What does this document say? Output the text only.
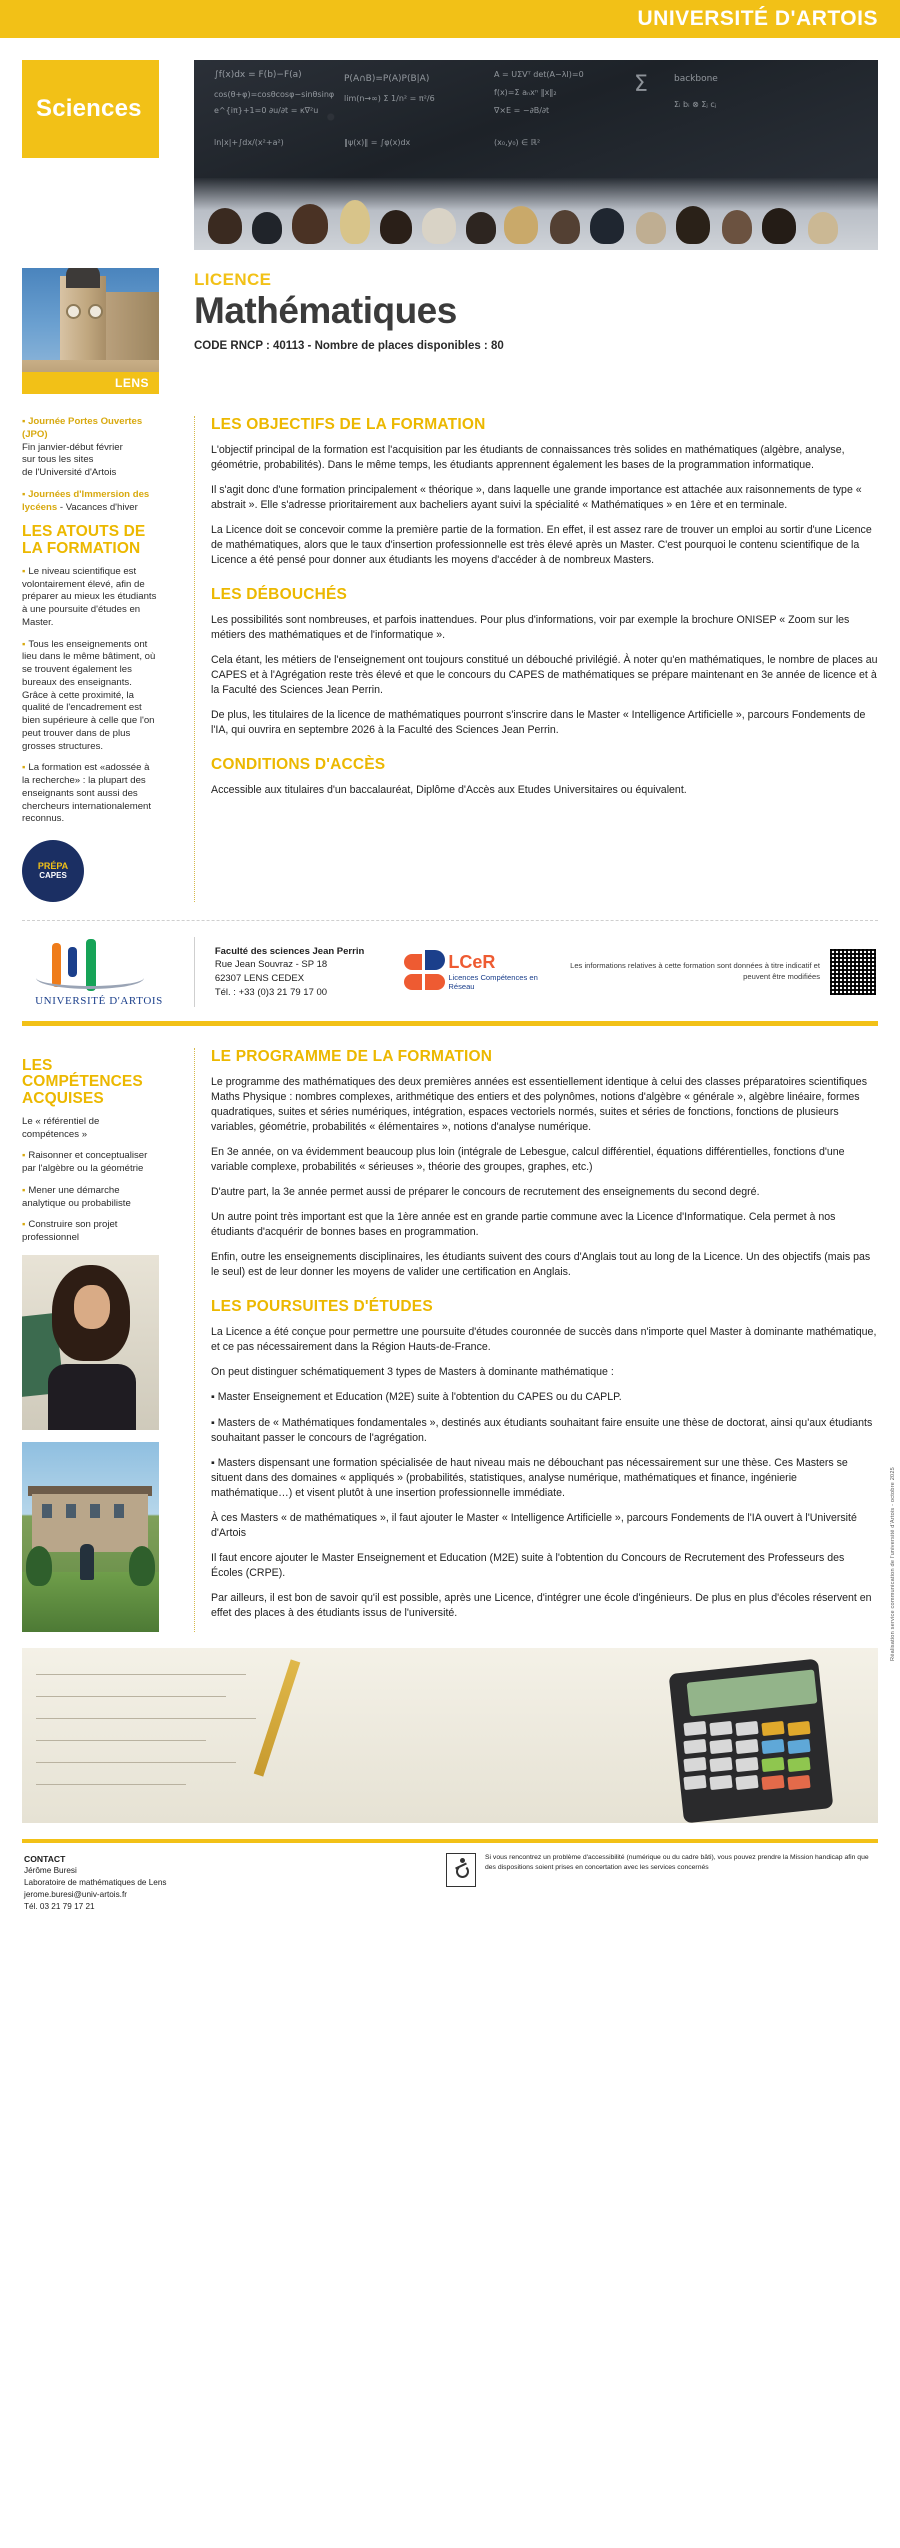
UNIVERSITÉ D'ARTOIS
Sciences
∫f(x)dx = F(b)−F(a)
cos(θ+φ)=cosθcosφ−sinθsinφ
e^{iπ}+1=0 ∂u/∂t = κ∇²u
P(A∩B)=P(A)P(B|A)
lim(n→∞) Σ 1/n² = π²/6
A = UΣVᵀ det(A−λI)=0
f(x)=Σ aₙxⁿ ‖x‖₂
∇×E = −∂B/∂t
Σ	backbone
Σᵢ bᵢ ⊗ Σⱼ cⱼ
ln|x|+∫dx/(x²+a²)	‖ψ(x)‖ = ∫φ(x)dx	(x₀,y₀) ∈ ℝ²
LENS
LICENCE
Mathématiques
CODE RNCP : 40113 - Nombre de places disponibles : 80
▪ Journée Portes Ouvertes (JPO)
Fin janvier-début février
sur tous les sites
de l'Université d'Artois
▪ Journées d'Immersion des lycéens - Vacances d'hiver
LES ATOUTS DE LA FORMATION
▪ Le niveau scientifique est volontairement élevé, afin de préparer au mieux les étudiants à une poursuite d'études en Master.
▪ Tous les enseignements ont lieu dans le même bâtiment, où se trouvent également les bureaux des enseignants. Grâce à cette proximité, la qualité de l'encadrement est bien supérieure à celle que l'on peut trouver dans de plus grosses structures.
▪ La formation est «adossée à la recherche» : la plupart des enseignants sont aussi des chercheurs internationalement reconnus.
PRÉPA
CAPES
LES OBJECTIFS DE LA FORMATION

L'objectif principal de la formation est l'acquisition par les étudiants de connaissances très solides en mathématiques (algèbre, analyse, géométrie, probabilités). Dans le même temps, les étudiants apprennent également les bases de la programmation informatique.

Il s'agit donc d'une formation principalement « théorique », dans laquelle une grande importance est attachée aux raisonnements de type « abstrait ». Elle s'adresse prioritairement aux bacheliers ayant suivi la spécialité « Mathématiques » en 1ère et en terminale.

La Licence doit se concevoir comme la première partie de la formation. En effet, il est assez rare de trouver un emploi au sortir d'une Licence de mathématiques, alors que le taux d'insertion professionnelle est très élevé après un Master. C'est pourquoi le contenu scientifique de la Licence a été pensé pour donner aux étudiants les moyens d'accéder à de nombreux Masters.

LES DÉBOUCHÉS

Les possibilités sont nombreuses, et parfois inattendues. Pour plus d'informations, voir par exemple la brochure ONISEP « Zoom sur les métiers des mathématiques et de l'informatique ».

Cela étant, les métiers de l'enseignement ont toujours constitué un débouché privilégié. À noter qu'en mathématiques, le nombre de places au CAPES et à l'Agrégation reste très élevé et que le concours du CAPES de mathématiques se prépare maintenant en 3e année de licence et à la Faculté des Sciences Jean Perrin.

De plus, les titulaires de la licence de mathématiques pourront s'inscrire dans le Master « Intelligence Artificielle », parcours Fondements de l'IA, qui ouvrira en septembre 2026 à la Faculté des Sciences Jean Perrin.

CONDITIONS D'ACCÈS

Accessible aux titulaires d'un baccalauréat, Diplôme d'Accès aux Etudes Universitaires ou équivalent.

UNIVERSITÉ D'ARTOIS
Faculté des sciences Jean Perrin
Rue Jean Souvraz - SP 18
62307 LENS CEDEX
Tél. : +33 (0)3 21 79 17 00
LCeR
Licences Compétences en Réseau
Les informations relatives à cette formation sont données à titre indicatif et peuvent être modifiées
LES COMPÉTENCES ACQUISES
Le « référentiel de compétences »
▪ Raisonner et conceptualiser par l'algèbre ou la géométrie
▪ Mener une démarche analytique ou probabiliste
▪ Construire son projet professionnel
LE PROGRAMME DE LA FORMATION

Le programme des mathématiques des deux premières années est essentiellement identique à celui des classes préparatoires scientifiques Maths Physique : nombres complexes, arithmétique des entiers et des polynômes, notions d'algèbre « générale », algèbre linéaire, formes quadratiques, suites et séries numériques, intégration, espaces vectoriels normés, suites et séries de fonctions, fonctions de plusieurs variables, géométrie, probabilités « élémentaires », notions d'analyse numérique.

En 3e année, on va évidemment beaucoup plus loin (intégrale de Lebesgue, calcul différentiel, équations différentielles, fonctions d'une variable complexe, probabilités « sérieuses », théorie des groupes, graphes, etc.)

D'autre part, la 3e année permet aussi de préparer le concours de recrutement des enseignements du second degré.

Un autre point très important est que la 1ère année est en grande partie commune avec la Licence d'Informatique. Cela permet à nos étudiants d'acquérir de bonnes bases en programmation.

Enfin, outre les enseignements disciplinaires, les étudiants suivent des cours d'Anglais tout au long de la Licence. Un des objectifs (mais pas le seul) est de leur donner les moyens de valider une certification en Anglais.

LES POURSUITES D'ÉTUDES

La Licence a été conçue pour permettre une poursuite d'études couronnée de succès dans n'importe quel Master à dominante mathématique, et ce pas nécessairement dans la Région Hauts-de-France.

On peut distinguer schématiquement 3 types de Masters à dominante mathématique :

▪ Master Enseignement et Education (M2E) suite à l'obtention du CAPES ou du CAPLP.

▪ Masters de « Mathématiques fondamentales », destinés aux étudiants souhaitant faire ensuite une thèse de doctorat, ainsi qu'aux étudiants souhaitant passer le concours de l'agrégation.

▪ Masters dispensant une formation spécialisée de haut niveau mais ne débouchant pas nécessairement sur une thèse. Ces Masters se situent dans des domaines « appliqués » (probabilités, statistiques, analyse numérique, mathématiques et finance, ingénierie mathématique…) et visent plutôt à une insertion professionnelle immédiate.

À ces Masters « de mathématiques », il faut ajouter le Master « Intelligence Artificielle », parcours Fondements de l'IA ouvert à l'Université d'Artois

Il faut encore ajouter le Master Enseignement et Education (M2E) suite à l'obtention du Concours de Recrutement des Professeurs des Écoles (CRPE).

Par ailleurs, il est bon de savoir qu'il est possible, après une Licence, d'intégrer une école d'ingénieurs. De plus en plus d'écoles réservent en effet des places à des étudiants issus de l'université.	Réalisation service communication de l'université d'Artois - octobre 2025
CONTACT
Jérôme Buresi
Laboratoire de mathématiques de Lens
jerome.buresi@univ-artois.fr
Tél. 03 21 79 17 21
Si vous rencontrez un problème d'accessibilité (numérique ou du cadre bâti), vous pouvez prendre la Mission handicap afin que des dispositions soient prises en concertation avec les services concernés
